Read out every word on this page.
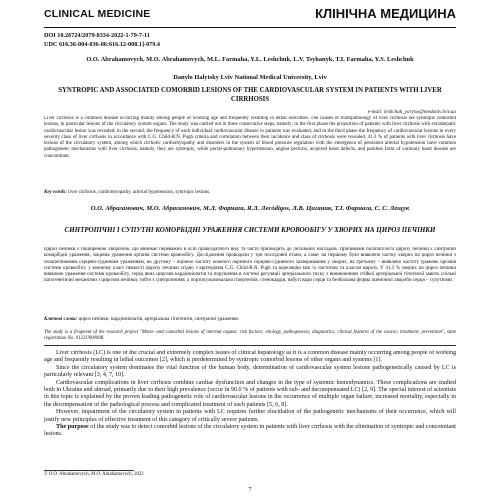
CLINICAL MEDICINE	КЛІНІЧНА МЕДИЦИНА
DOI 10.26724/2079-8334-2022-1-79-7-11
UDC 616.36-004-036-06:616.12-008.1]-079.4
O.O. Abrahamovych, M.O. Abrahamovych, M.L. Farmaha, Y.L. Leshchuk, L.V. Tsyhanyk, T.I. Farmaha, Y.S. Leshchuk
Danylo Halytsky Lviv National Medical University, Lviv
SYNTROPIC AND ASSOCIATED COMORBID LESIONS OF THE CARDIOVASCULAR SYSTEM IN PATIENTS WITH LIVER CIRRHOSIS
e-mail: leshchuk_yaryna@meduniv.lviv.ua

Liver cirrhosis is a common disease occurring mainly among people of working age and frequently resulting in lethal outcomes. The causes of multipathology of liver cirrhosis are syntropic comorbid lesions, in particular lesions of the circulatory system organs. The study was carried out in three consecutive steps, namely: in the first phase the proportion of patients with liver cirrhosis with extrahepatic cardiovascular lesion was revealed, in the second, the frequency of each individual cardiovascular disease in patients was evaluated, and in the third phase the frequency of cardiovascular lesions in every severity class of liver cirrhosis in accordance with C.G. Child-R.N. Pugh criteria and correlation between their incidence and class of cirrhosis were revealed. 41.3 % of patients with liver cirrhosis have lesions of the circulatory system, among which cirrhotic cardiomyopathy and disorders in the system of blood pressure regulation with the emergence of persistent arterial hypotension have common pathogenetic mechanisms with liver cirrhosis, namely, they are syntropic, while portal-pulmonary hypertension, angina pectoris, acquired heart defects, and painless form of coronary heart disease are concomitant.

Key words: liver cirrhosis, cardiomyopathy, arterial hypotension, syntropic lesions.
О.О. Абрагамович, М.О. Абрагамович, М.Л. Фармага, Я.Л. Леcódigos, Л.В. Циганик, Т.І. Фармага, Є. С. Лещук
СИНТРОПІЧНІ І СУПУТНІ КОМОРБІДНІ УРАЖЕННЯ СИСТЕМИ КРОВООБІГУ У ХВОРИХ НА ЦИРОЗ ПЕЧІНКИ

Цироз печінки є поширеною хворобою, що виникає переважно в осіб працездатного віку та часто призводить до летальних наслідків. Причинами поліпатології цирозу печінки є синтропні коморбідні ураження, зокрема ураження органів системи кровообігу. Дослідження проводили у три послідовні етапи, а саме: на першому було виявлено частку хворих на цироз печінки з позапечінковим серцево-судинним ураженням, на другому – оцінено частоту кожного окремого серцево-судинного захворювання у хворих, на третьому – виявлено частоту уражень органів системи кровообігу у кожному класі тяжкості цирозу печінки згідно з критеріями C.G. Child-R.N. Pugh та кореляцію між їх частотою та класом цирозу. У 41,3 % хворих на цироз печінки виявлено ураження системи кровообігу, серед яких цирозна кардіоміопатія та порушення в системі регуляції артеріального тиску з виникненням стійкої артеріальної гіпотензії мають спільні патогенетичні механізми з цирозом печінки, тобто є синтропними, а портопульмональна гіпертензія, стенокардія, набуті вади серця та безбольова форма ішемічної хвороби серця – супутніми.

Ключові слова: цироз печінки, кардіоміопатія, артеріальна гіпотензія, синтропні ураження.
The study is a fragment of the research project "Mono- and comorbid lesions of internal organs: risk factors; etiology, pathogenesis; diagnostics; clinical features of the course; treatment; prevention", state registration No. 0122U000008.

Liver cirrhosis (LC) is one of the crucial and extremely complex issues of clinical hepatology as it is a common disease mainly occurring among people of working age and frequently resulting in lethal outcomes [2], which is predetermined by syntropic comorbid lesions of other organs and systems [1].

Since the circulatory system dominates the vital function of the human body, determination of cardiovascular system lesions pathogenetically caused by LC is particularly relevant [3, 4, 7, 10].

Cardiovascular complications in liver cirrhosis combine cardiac dysfunction and changes in the type of systemic hemodynamics. These complications are studied both in Ukraine and abroad, primarily due to their high prevalence (occur in 90.0 % of patients with sub- and decompensated LC) [2, 9]. The special interest of scientists in this topic is explained by the proven leading pathogenetic role of cardiovascular lesions in the occurrence of multiple organ failure, increased mortality, especially in the decompensation of the pathological process and complicated treatment of such patients [5, 6, 8].

However, impairment of the circulatory system in patients with LC requires further elucidation of the pathogenetic mechanisms of their occurrence, which will justify new principles of effective treatment of this category of critically severe patients.

The purpose of the study was to detect comorbid lesions of the circulatory system in patients with liver cirrhosis with the elimination of syntropic and concomitant lesions.

© O.O. Abrahamovych, M.O. Abrahamovych, 2022
7
